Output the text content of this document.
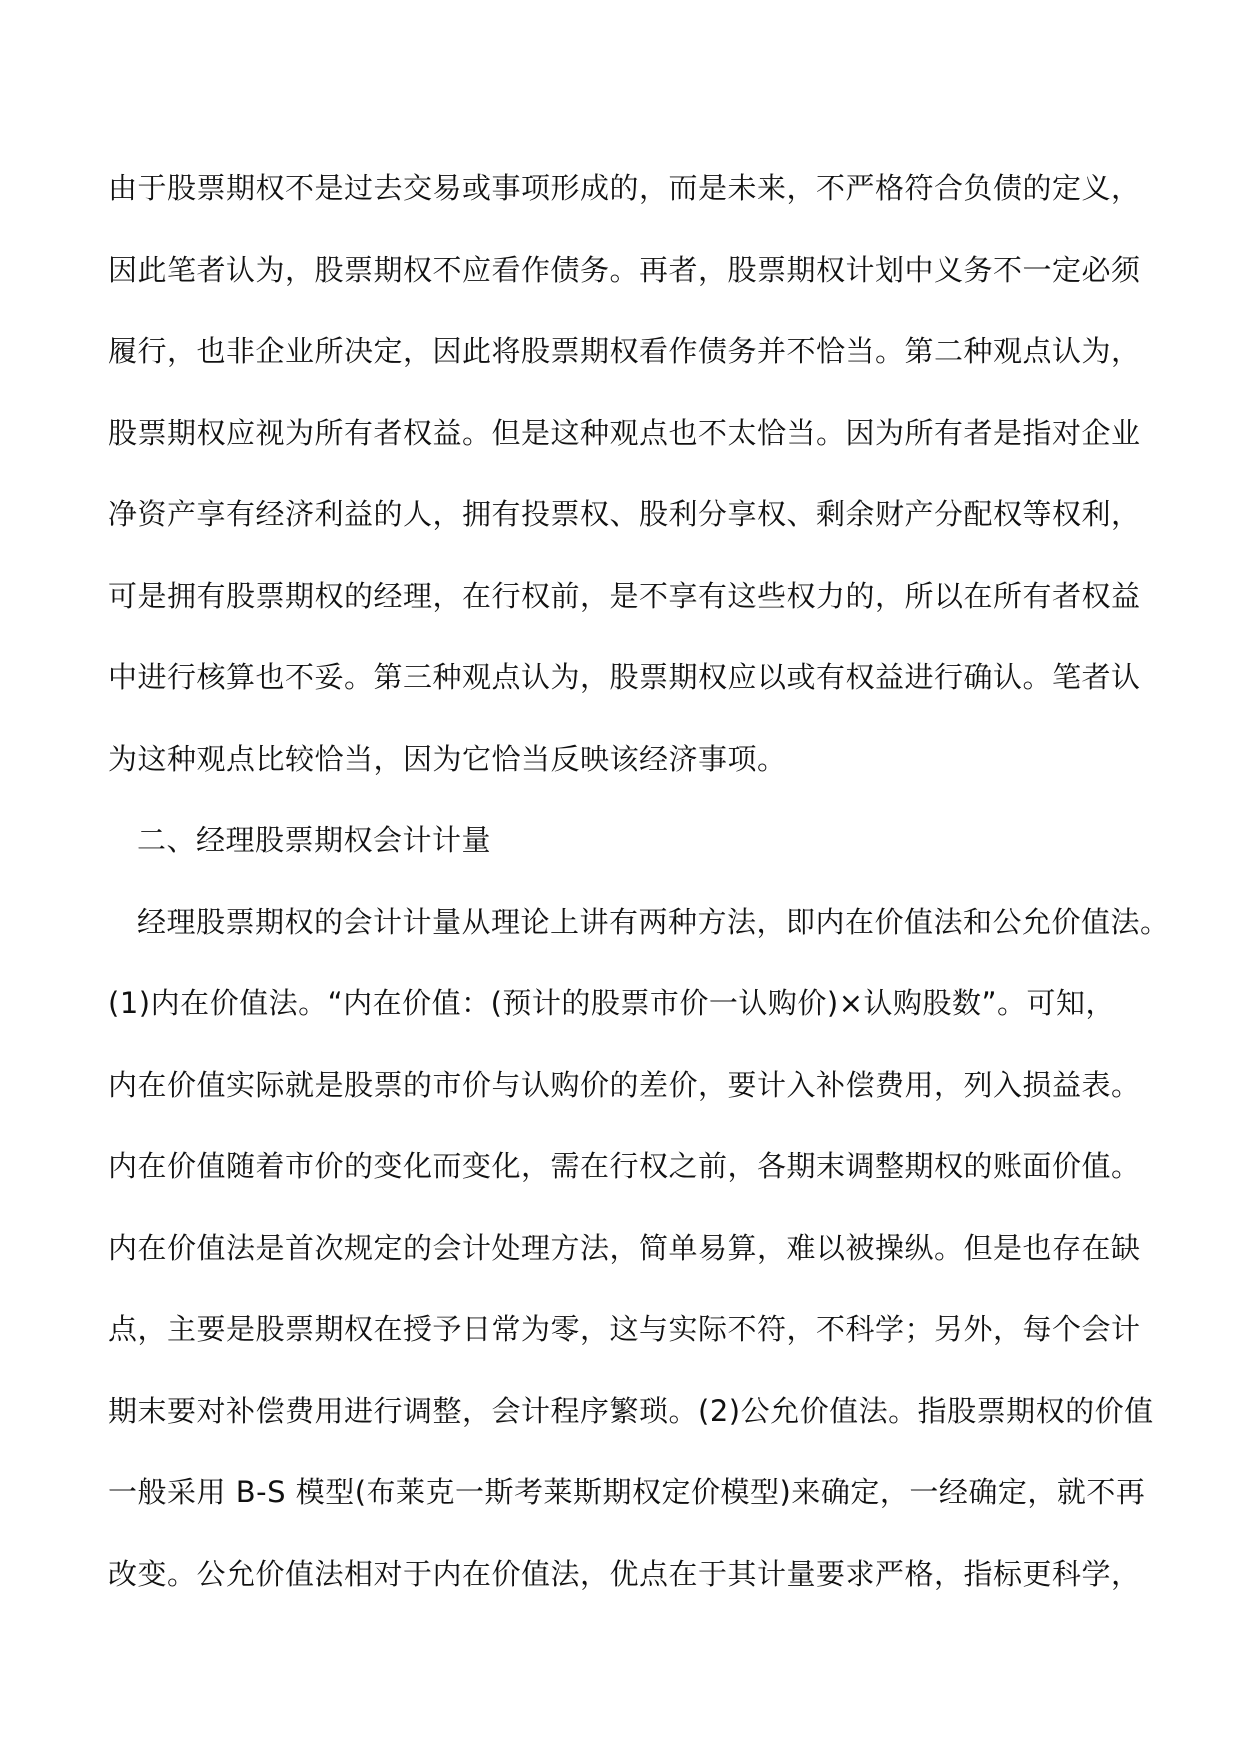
由于股票期权不是过去交易或事项形成的，而是未来，不严格符合负债的定义，
因此笔者认为，股票期权不应看作债务。再者，股票期权计划中义务不一定必须
履行，也非企业所决定，因此将股票期权看作债务并不恰当。第二种观点认为，
股票期权应视为所有者权益。但是这种观点也不太恰当。因为所有者是指对企业
净资产享有经济利益的人，拥有投票权、股利分享权、剩余财产分配权等权利，
可是拥有股票期权的经理，在行权前，是不享有这些权力的，所以在所有者权益
中进行核算也不妥。第三种观点认为，股票期权应以或有权益进行确认。笔者认
为这种观点比较恰当，因为它恰当反映该经济事项。
二、经理股票期权会计计量
经理股票期权的会计计量从理论上讲有两种方法，即内在价值法和公允价值法。
(1)内在价值法。“内在价值：(预计的股票市价一认购价)×认购股数”。可知，
内在价值实际就是股票的市价与认购价的差价，要计入补偿费用，列入损益表。
内在价值随着市价的变化而变化，需在行权之前，各期末调整期权的账面价值。
内在价值法是首次规定的会计处理方法，简单易算，难以被操纵。但是也存在缺
点，主要是股票期权在授予日常为零，这与实际不符，不科学；另外，每个会计
期末要对补偿费用进行调整，会计程序繁琐。(2)公允价值法。指股票期权的价值
一般采用 B-S 模型(布莱克一斯考莱斯期权定价模型)来确定，一经确定，就不再
改变。公允价值法相对于内在价值法，优点在于其计量要求严格，指标更科学，
